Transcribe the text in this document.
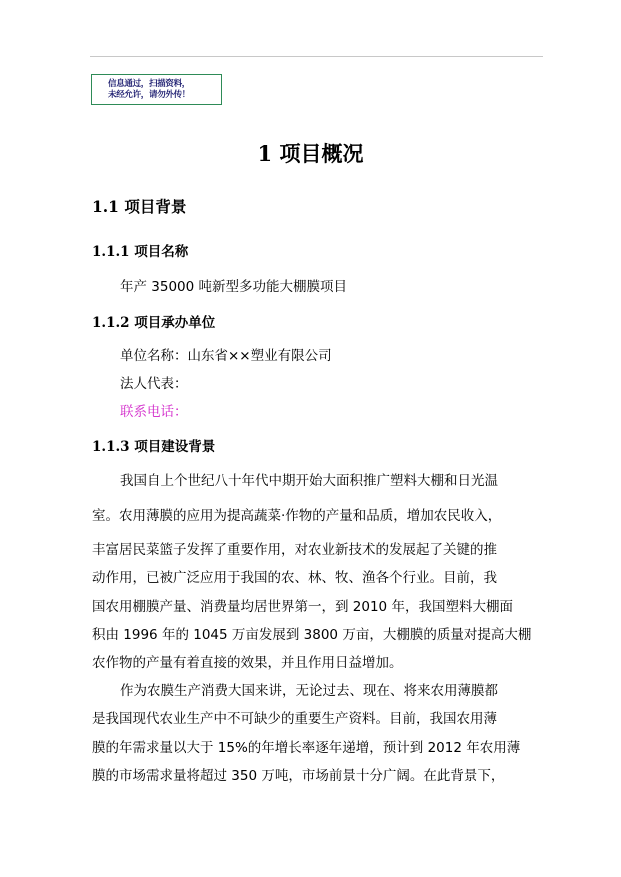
信息通过，扫描资料，
未经允许，请勿外传！
1 项目概况
1.1 项目背景
1.1.1 项目名称
年产 35000 吨新型多功能大棚膜项目
1.1.2 项目承办单位
单位名称：山东省××塑业有限公司
法人代表：
联系电话：
1.1.3 项目建设背景
我国自上个世纪八十年代中期开始大面积推广塑料大棚和日光温
室。农用薄膜的应用为提高蔬菜·作物的产量和品质，增加农民收入，
丰富居民菜篮子发挥了重要作用，对农业新技术的发展起了关键的推
动作用，已被广泛应用于我国的农、林、牧、渔各个行业。目前，我
国农用棚膜产量、消费量均居世界第一，到 2010 年，我国塑料大棚面
积由 1996 年的 1045 万亩发展到 3800 万亩，大棚膜的质量对提高大棚
农作物的产量有着直接的效果，并且作用日益增加。
作为农膜生产消费大国来讲，无论过去、现在、将来农用薄膜都
是我国现代农业生产中不可缺少的重要生产资料。目前，我国农用薄
膜的年需求量以大于 15%的年增长率逐年递增，预计到 2012 年农用薄
膜的市场需求量将超过 350 万吨，市场前景十分广阔。在此背景下，
